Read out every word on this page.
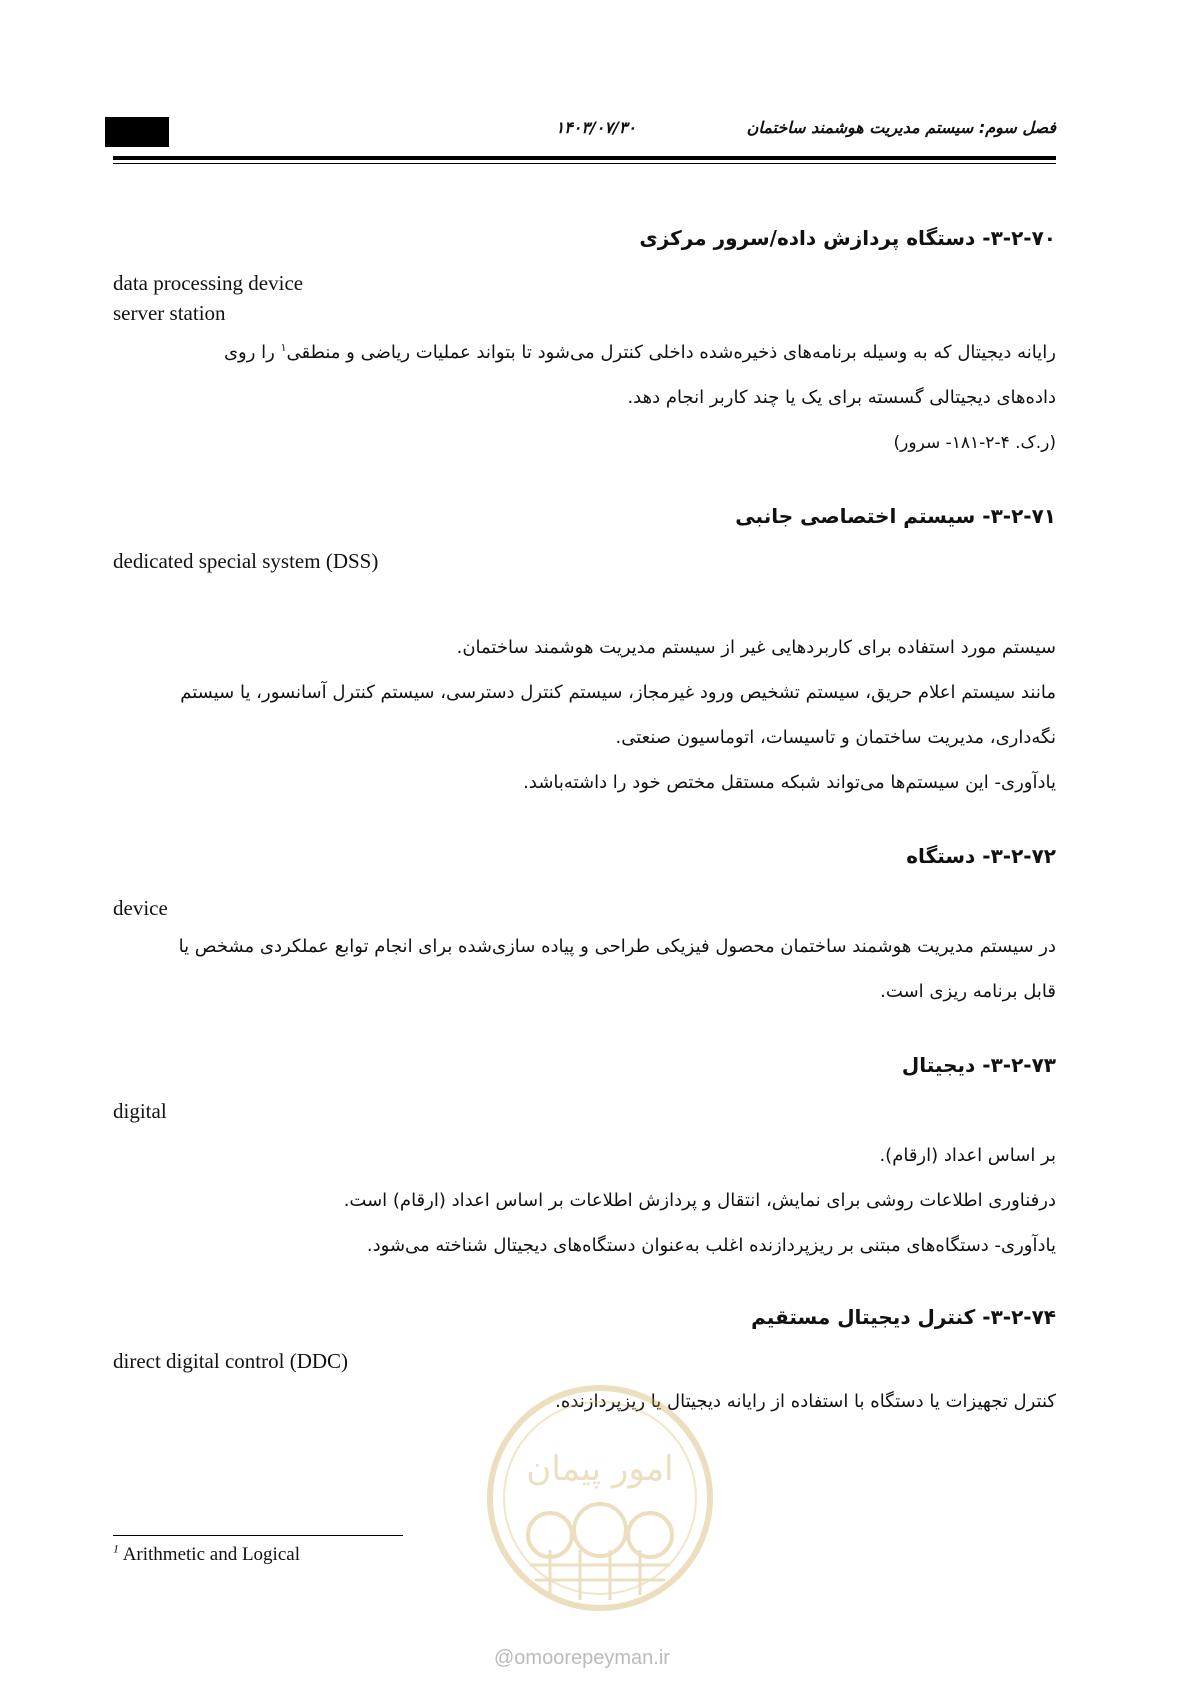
فصل سوم: سیستم مدیریت هوشمند ساختمان
۱۴۰۳/۰۷/۳۰
۳-۲-۷۰- دستگاه پردازش داده/سرور مرکزی
data processing device
server station
رایانه دیجیتال که به وسیله برنامه‌های ذخیره‌شده داخلی کنترل می‌شود تا بتواند عملیات ریاضی و منطقی$^۱$ را روی
داده‌های دیجیتالی گسسته برای یک یا چند کاربر انجام دهد.
(ر.ک. ۴-۲-۱۸۱- سرور)
۳-۲-۷۱- سیستم اختصاصی جانبی
dedicated special system (DSS)
سیستم مورد استفاده برای کاربردهایی غیر از سیستم مدیریت هوشمند ساختمان.
مانند سیستم اعلام حریق، سیستم تشخیص ورود غیرمجاز، سیستم کنترل دسترسی، سیستم کنترل آسانسور، یا سیستم
نگه‌داری، مدیریت ساختمان و تاسیسات، اتوماسیون صنعتی.
یادآوری- این سیستم‌ها می‌تواند شبکه مستقل مختص خود را داشته‌باشد.
۳-۲-۷۲- دستگاه
device
در سیستم مدیریت هوشمند ساختمان محصول فیزیکی طراحی و پیاده سازی‌شده برای انجام توابع عملکردی مشخص یا
قابل برنامه ریزی است.
۳-۲-۷۳- دیجیتال
digital
بر اساس اعداد (ارقام).
درفناوری اطلاعات روشی برای نمایش، انتقال و پردازش اطلاعات بر اساس اعداد (ارقام) است.
یادآوری- دستگاه‌های مبتنی بر ریزپردازنده اغلب به‌عنوان دستگاه‌های دیجیتال شناخته می‌شود.
۳-۲-۷۴- کنترل دیجیتال مستقیم
direct digital control (DDC)
کنترل تجهیزات یا دستگاه با استفاده از رایانه دیجیتال یا ریزپردازنده.
امور پیمان
@omoorepeyman.ir
$^1$ Arithmetic and Logical
